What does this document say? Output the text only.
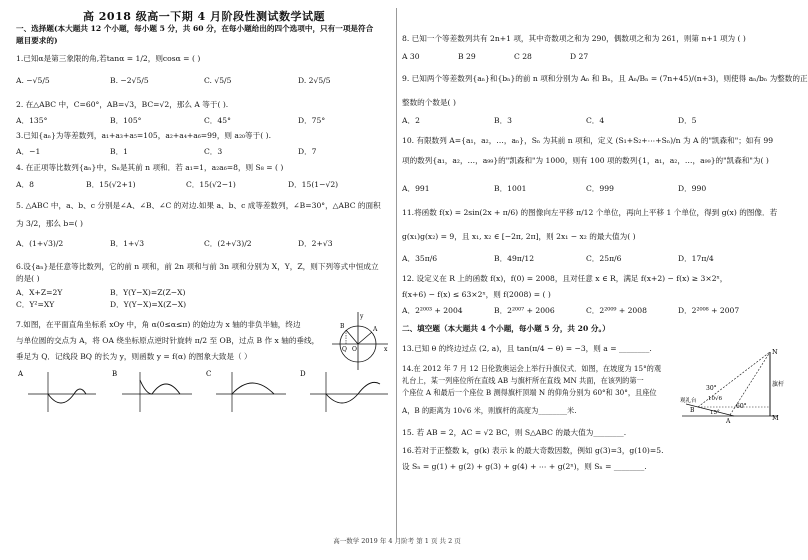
高 2018 级高一下期 4 月阶段性测试数学试题
一、选择题(本大题共 12 个小题，每小题 5 分，共 60 分，在每小题给出的四个选项中，只有一项是符合
题目要求的)
1.已知α是第三象限的角,若tanα = 1/2，则cosα = ( )
A. −√5/5	B. −2√5/5	C. √5/5	D. 2√5/5
2. 在△ABC 中，C=60°，AB=√3，BC=√2，那么 A 等于( ).
A．135°	B．105°	C．45°	D．75°
3.已知{aₙ}为等差数列，a₁+a₃+a₅=105，a₂+a₄+a₆=99，则 a₂₀等于( ).
A．−1	B．1	C．3	D．7
4. 在正项等比数列{aₙ}中，Sₙ是其前 n 项和．若 a₁=1，a₂a₆=8，则 S₈ = ( )
A．8	B．15(√2+1)	C．15(√2−1)	D．15(1−√2)
5. △ABC 中，a、b、c 分别是∠A、∠B、∠C 的对边.如果 a、b、c 成等差数列，∠B=30°，△ABC 的面积
为 3/2，那么 b=( )
A．(1+√3)/2	B．1+√3	C．(2+√3)/2	D．2+√3
6.设{aₙ}是任意等比数列，它的前 n 项和，前 2n 项和与前 3n 项和分别为 X，Y，Z，则下列等式中恒成立
的是( )
A．X+Z=2Y	B．Y(Y−X)=Z(Z−X)
C．Y²=XY	D．Y(Y−X)=X(Z−X)
7.如图，在平面直角坐标系 xOy 中，角 α(0≤α≤π) 的始边为 x 轴的非负半轴，终边
与单位圆的交点为 A，将 OA 绕坐标原点逆时针旋转 π/2 至 OB，过点 B 作 x 轴的垂线，
垂足为 Q．记线段 BQ 的长为 y，则函数 y = f(α) 的图象大致是（ ）
y
B	A
Q O	x
A	B	C	D
8. 已知一个等差数列共有 2n+1 项，其中奇数项之和为 290，偶数项之和为 261，则第 n+1 项为 ( )
A 30	B 29	C 28	D 27
9. 已知两个等差数列{aₙ}和{bₙ}的前 n 项和分别为 Aₙ 和 Bₙ，且 Aₙ/Bₙ = (7n+45)/(n+3)，则使得 aₙ/bₙ 为整数的正
整数的个数是( )
A．2	B．3	C．4	D．5
10. 有限数列 A={a₁，a₂，…，aₙ}，Sₙ 为其前 n 项和，定义 (S₁+S₂+⋯+Sₙ)/n 为 A 的"凯森和"；如有 99
项的数列{a₁，a₂，…，a₉₉}的"凯森和"为 1000，则有 100 项的数列{1，a₁，a₂，…，a₉₉}的"凯森和"为( )
A．991	B．1001	C．999	D．990
11.将函数 f(x) = 2sin(2x + π/6) 的图像向左平移 π/12 个单位，再向上平移 1 个单位，得到 g(x) 的图像．若
g(x₁)g(x₂) = 9，且 x₁, x₂ ∈ [−2π, 2π]，则 2x₁ − x₂ 的最大值为( )
A．35π/6	B．49π/12	C．25π/6	D．17π/4
12. 设定义在 R 上的函数 f(x)，f(0) = 2008，且对任意 x ∈ R，满足 f(x+2) − f(x) ≥ 3×2ˣ，
f(x+6) − f(x) ≤ 63×2ˣ，则 f(2008) = ( )
A．2²⁰⁰³ + 2004	B．2²⁰⁰⁷ + 2006	C．2²⁰⁰⁹ + 2008	D．2²⁰⁰⁸ + 2007
二、填空题（本大题共 4 个小题，每小题 5 分，共 20 分。）
13.已知 θ 的终边过点 (2, a)，且 tan(π/4 − θ) = −3，则 a = ________.
14.在 2012 年 7 月 12 日伦敦奥运会上举行升旗仪式．如图，在坡度为 15°的观
礼台上，某一列座位所在直线 AB 与旗杆所在直线 MN 共面，在该列的第一
个座位 A 和最后一个座位 B 测得旗杆顶端 N 的仰角分别为 60°和 30°，且座位
A，B 的距离为 10√6 米，则旗杆的高度为________米.
N
旗杆
30°
10√6
观礼台
15°
60°
B
A	M
15. 若 AB = 2，AC = √2 BC，则 S△ABC 的最大值为________.
16.若对于正整数 k，g(k) 表示 k 的最大奇数因数，例如 g(3)=3，g(10)=5.
设 Sₙ = g(1) + g(2) + g(3) + g(4) + ⋯ + g(2ⁿ)，则 Sₙ = ________.
高一数学 2019 年 4 月阶考 第 1 页 共 2 页
